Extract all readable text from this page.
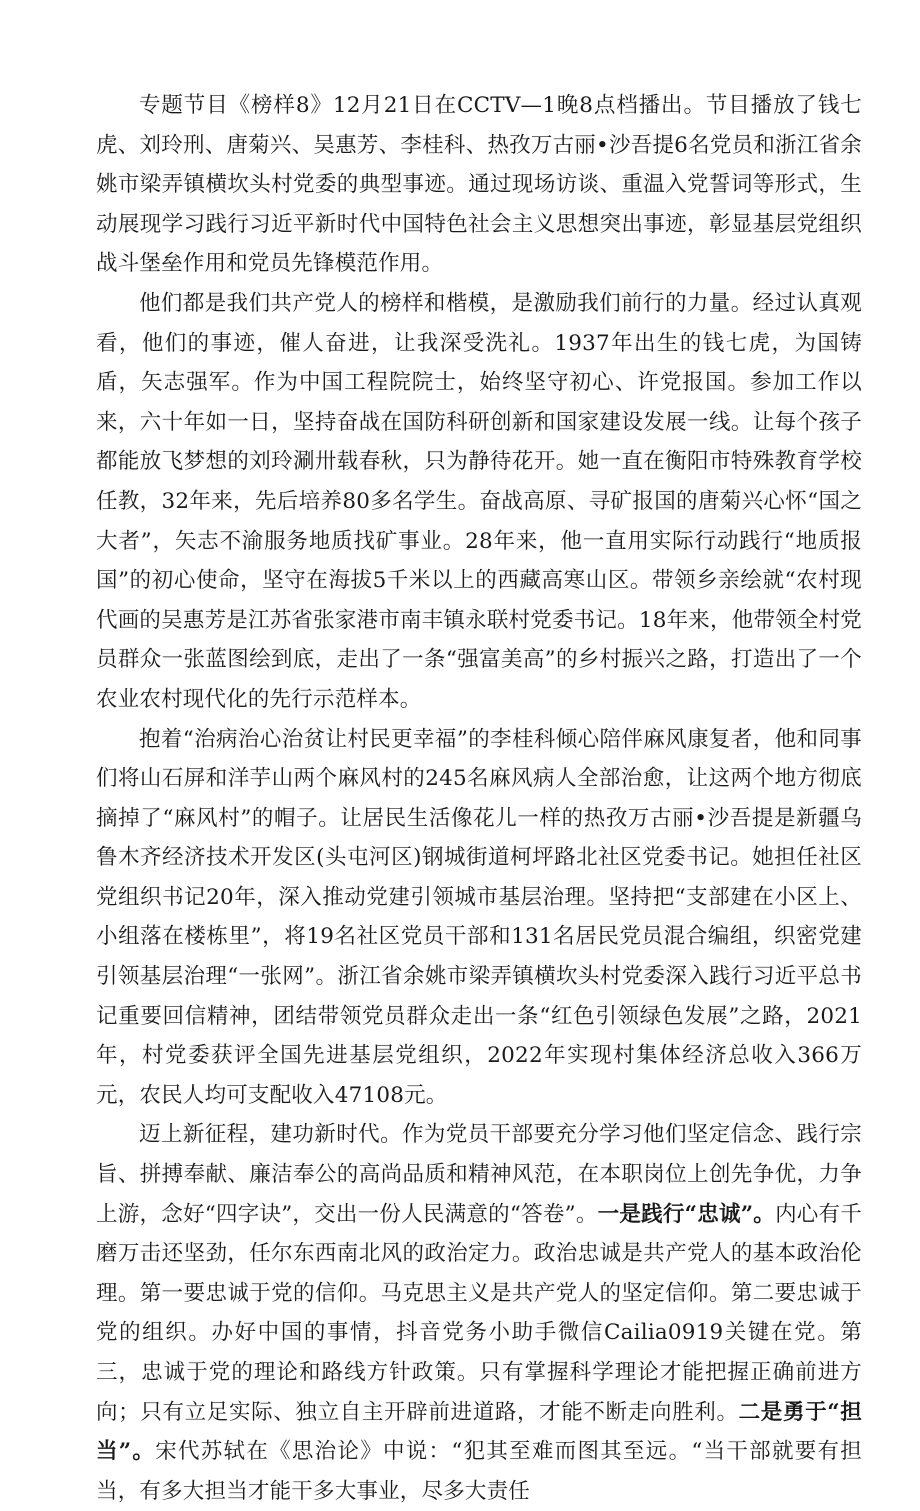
专题节目《榜样8》12月21日在CCTV—1晚8点档播出。节目播放了钱七虎、刘玲刑、唐菊兴、吴惠芳、李桂科、热孜万古丽•沙吾提6名党员和浙江省余姚市梁弄镇横坎头村党委的典型事迹。通过现场访谈、重温入党誓词等形式，生动展现学习践行习近平新时代中国特色社会主义思想突出事迹，彰显基层党组织战斗堡垒作用和党员先锋模范作用。

他们都是我们共产党人的榜样和楷模，是激励我们前行的力量。经过认真观看，他们的事迹，催人奋进，让我深受洗礼。1937年出生的钱七虎，为国铸盾，矢志强军。作为中国工程院院士，始终坚守初心、许党报国。参加工作以来，六十年如一日，坚持奋战在国防科研创新和国家建设发展一线。让每个孩子都能放飞梦想的刘玲涮卅载春秋，只为静待花开。她一直在衡阳市特殊教育学校任教，32年来，先后培养80多名学生。奋战高原、寻矿报国的唐菊兴心怀“国之大者”，矢志不渝服务地质找矿事业。28年来，他一直用实际行动践行“地质报国”的初心使命，坚守在海拔5千米以上的西藏高寒山区。带领乡亲绘就“农村现代画的吴惠芳是江苏省张家港市南丰镇永联村党委书记。18年来，他带领全村党员群众一张蓝图绘到底，走出了一条“强富美高”的乡村振兴之路，打造出了一个农业农村现代化的先行示范样本。

抱着“治病治心治贫让村民更幸福”的李桂科倾心陪伴麻风康复者，他和同事们将山石屏和洋芋山两个麻风村的245名麻风病人全部治愈，让这两个地方彻底摘掉了“麻风村”的帽子。让居民生活像花儿一样的热孜万古丽•沙吾提是新疆乌鲁木齐经济技术开发区(头屯河区)钢城街道柯坪路北社区党委书记。她担任社区党组织书记20年，深入推动党建引领城市基层治理。坚持把“支部建在小区上、小组落在楼栋里”，将19名社区党员干部和131名居民党员混合编组，织密党建引领基层治理“一张网”。浙江省余姚市梁弄镇横坎头村党委深入践行习近平总书记重要回信精神，团结带领党员群众走出一条“红色引领绿色发展”之路，2021年，村党委获评全国先进基层党组织，2022年实现村集体经济总收入366万元，农民人均可支配收入47108元。

迈上新征程，建功新时代。作为党员干部要充分学习他们坚定信念、践行宗旨、拼搏奉献、廉洁奉公的高尚品质和精神风范，在本职岗位上创先争优，力争上游，念好“四字诀”，交出一份人民满意的“答卷”。一是践行“忠诚”。内心有千磨万击还坚劲，任尔东西南北风的政治定力。政治忠诚是共产党人的基本政治伦理。第一要忠诚于党的信仰。马克思主义是共产党人的坚定信仰。第二要忠诚于党的组织。办好中国的事情，抖音党务小助手微信Cailia0919关键在党。第三，忠诚于党的理论和路线方针政策。只有掌握科学理论才能把握正确前进方向；只有立足实际、独立自主开辟前进道路，才能不断走向胜利。二是勇于“担当”。宋代苏轼在《思治论》中说：“犯其至难而图其至远。“当干部就要有担当，有多大担当才能干多大事业，尽多大责任
